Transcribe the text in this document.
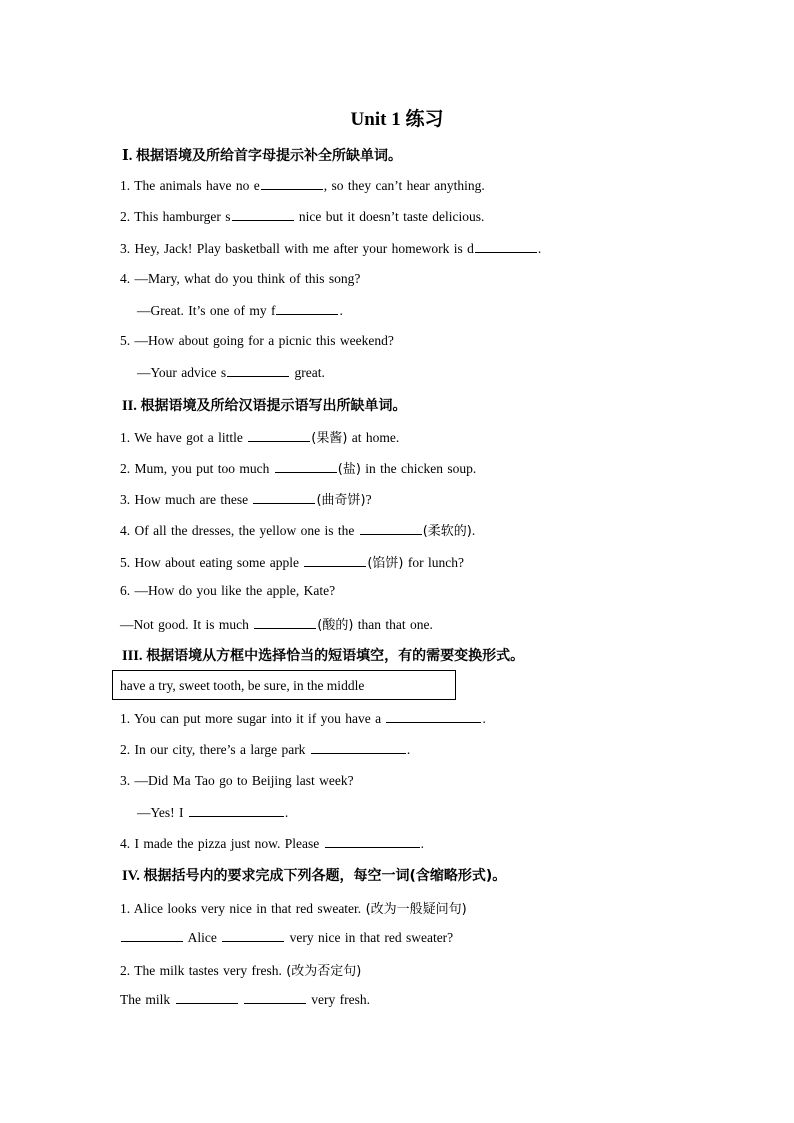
Unit 1 练习
Ⅰ. 根据语境及所给首字母提示补全所缺单词。
1. The animals have no e	, so they can’t hear anything.
2. This hamburger s	nice but it doesn’t taste delicious.
3. Hey, Jack! Play basketball with me after your homework is d	.
4. —Mary, what do you think of this song?
—Great. It’s one of my f	.
5. —How about going for a picnic this weekend?
—Your advice s	great.
II. 根据语境及所给汉语提示语写出所缺单词。
1. We have got a little	(果酱) at home.
2. Mum, you put too much	(盐) in the chicken soup.
3. How much are these	(曲奇饼)?
4. Of all the dresses, the yellow one is the	(柔软的).
5. How about eating some apple	(馅饼) for lunch?
6. —How do you like the apple, Kate?
—Not good. It is much	(酸的) than that one.
III. 根据语境从方框中选择恰当的短语填空，有的需要变换形式。
have a try, sweet tooth, be sure, in the middle
1. You can put more sugar into it if you have a	.
2. In our city, there’s a large park	.
3. —Did Ma Tao go to Beijing last week?
—Yes! I	.
4. I made the pizza just now. Please	.
IV. 根据括号内的要求完成下列各题，每空一词(含缩略形式)。
1. Alice looks very nice in that red sweater. (改为一般疑问句)
Alice	very nice in that red sweater?
2. The milk tastes very fresh. (改为否定句)
The milk	very fresh.
